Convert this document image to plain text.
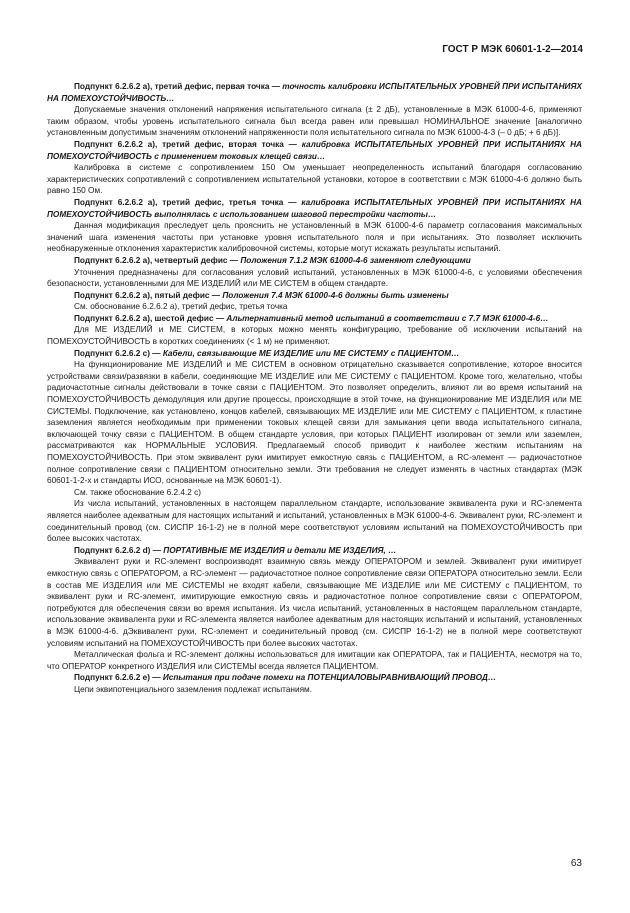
ГОСТ Р МЭК 60601-1-2—2014

Подпункт 6.2.6.2 a), третий дефис, первая точка — точность калибровки ИСПЫТАТЕЛЬНЫХ УРОВНЕЙ ПРИ ИСПЫТАНИЯХ НА ПОМЕХОУСТОЙЧИВОСТЬ…

Допускаемые значения отклонений напряжения испытательного сигнала (± 2 дБ), установленные в МЭК 61000-4-6, применяют таким образом, чтобы уровень испытательного сигнала был всегда равен или превышал НОМИНАЛЬНОЕ значение [аналогично установленным допустимым значениям отклонений напряженности поля испытательного сигнала по МЭК 61000-4-3 (– 0 дБ; + 6 дБ)].

Подпункт 6.2.6.2 a), третий дефис, вторая точка — калибровка ИСПЫТАТЕЛЬНЫХ УРОВНЕЙ ПРИ ИСПЫТАНИЯХ НА ПОМЕХОУСТОЙЧИВОСТЬ с применением токовых клещей связи…

Калибровка в системе с сопротивлением 150 Ом уменьшает неопределенность испытаний благодаря согласованию характеристических сопротивлений с сопротивлением испытательной установки, которое в соответствии с МЭК 61000-4-6 должно быть равно 150 Ом.

Подпункт 6.2.6.2 a), третий дефис, третья точка — калибровка ИСПЫТАТЕЛЬНЫХ УРОВНЕЙ ПРИ ИСПЫТАНИЯХ НА ПОМЕХОУСТОЙЧИВОСТЬ выполнялась с использованием шаговой перестройки частоты…

Данная модификация преследует цель прояснить не установленный в МЭК 61000-4-6 параметр согласования максимальных значений шага изменения частоты при установке уровня испытательного поля и при испытаниях. Это позволяет исключить необнаруженные отклонения характеристик калибровочной системы, которые могут искажать результаты испытаний.

Подпункт 6.2.6.2 a), четвертый дефис — Положения 7.1.2 МЭК 61000-4-6 заменяют следующими

Уточнения предназначены для согласования условий испытаний, установленных в МЭК 61000-4-6, с условиями обеспечения безопасности, установленными для МЕ ИЗДЕЛИЙ или МЕ СИСТЕМ в общем стандарте.

Подпункт 6.2.6.2 a), пятый дефис — Положения 7.4 МЭК 61000-4-6 должны быть изменены

См. обоснование 6.2.6.2 a), третий дефис, третья точка

Подпункт 6.2.6.2 a), шестой дефис — Альтернативный метод испытаний в соответствии с 7.7 МЭК 61000-4-6…

Для МЕ ИЗДЕЛИЙ и МЕ СИСТЕМ, в которых можно менять конфигурацию, требование об исключении испытаний на ПОМЕХОУСТОЙЧИВОСТЬ в коротких соединениях (< 1 м) не применяют.

Подпункт 6.2.6.2 c) — Кабели, связывающие МЕ ИЗДЕЛИЕ или МЕ СИСТЕМУ с ПАЦИЕНТОМ…

На функционирование МЕ ИЗДЕЛИЙ и МЕ СИСТЕМ в основном отрицательно сказывается сопротивление, которое вносится устройствами связи/развязки в кабели, соединяющие МЕ ИЗДЕЛИЕ или МЕ СИСТЕМУ с ПАЦИЕНТОМ. Кроме того, желательно, чтобы радиочастотные сигналы действовали в точке связи с ПАЦИЕНТОМ. Это позволяет определить, влияют ли во время испытаний на ПОМЕХОУСТОЙЧИВОСТЬ демодуляция или другие процессы, происходящие в этой точке, на функционирование МЕ ИЗДЕЛИЯ или МЕ СИСТЕМЫ. Подключение, как установлено, концов кабелей, связывающих МЕ ИЗДЕЛИЕ или МЕ СИСТЕМУ с ПАЦИЕНТОМ, к пластине заземления является необходимым при применении токовых клещей связи для замыкания цепи ввода испытательного сигнала, включающей точку связи с ПАЦИЕНТОМ. В общем стандарте условия, при которых ПАЦИЕНТ изолирован от земли или заземлен, рассматриваются как НОРМАЛЬНЫЕ УСЛОВИЯ. Предлагаемый способ приводит к наиболее жестким испытаниям на ПОМЕХОУСТОЙЧИВОСТЬ. При этом эквивалент руки имитирует емкостную связь с ПАЦИЕНТОМ, а RC-элемент — радиочастотное полное сопротивление связи с ПАЦИЕНТОМ относительно земли. Эти требования не следует изменять в частных стандартах (МЭК 60601-1-2-х и стандарты ИСО, основанные на МЭК 60601-1).

См. также обоснование 6.2.4.2 c)

Из числа испытаний, установленных в настоящем параллельном стандарте, использование эквивалента руки и RC-элемента является наиболее адекватным для настоящих испытаний и испытаний, установленных в МЭК 61000-4-6. Эквивалент руки, RC-элемент и соединительный провод (см. СИСПР 16-1-2) не в полной мере соответствуют условиям испытаний на ПОМЕХОУСТОЙЧИВОСТЬ при более высоких частотах.

Подпункт 6.2.6.2 d) — ПОРТАТИВНЫЕ МЕ ИЗДЕЛИЯ и детали МЕ ИЗДЕЛИЯ, …

Эквивалент руки и RC-элемент воспроизводят взаимную связь между ОПЕРАТОРОМ и землей. Эквивалент руки имитирует емкостную связь с ОПЕРАТОРОМ, а RC-элемент — радиочастотное полное сопротивление связи ОПЕРАТОРА относительно земли. Если в состав МЕ ИЗДЕЛИЯ или МЕ СИСТЕМЫ не входят кабели, связывающие МЕ ИЗДЕЛИЕ или МЕ СИСТЕМУ с ПАЦИЕНТОМ, то эквивалент руки и RC-элемент, имитирующие емкостную связь и радиочастотное полное сопротивление связи с ОПЕРАТОРОМ, потребуются для обеспечения связи во время испытания. Из числа испытаний, установленных в настоящем параллельном стандарте, использование эквивалента руки и RC-элемента является наиболее адекватным для настоящих испытаний и испытаний, установленных в МЭК 61000-4-6. дЭквивалент руки, RC-элемент и соединительный провод (см. СИСПР 16-1-2) не в полной мере соответствуют условиям испытаний на ПОМЕХОУСТОЙЧИВОСТЬ при более высоких частотах.

Металлическая фольга и RC-элемент должны использоваться для имитации как ОПЕРАТОРА, так и ПАЦИЕНТА, несмотря на то, что ОПЕРАТОР конкретного ИЗДЕЛИЯ или СИСТЕМЫ всегда является ПАЦИЕНТОМ.

Подпункт 6.2.6.2 e) — Испытания при подаче помехи на ПОТЕНЦИАЛОВЫРАВНИВАЮЩИЙ ПРОВОД…

Цепи эквипотенциального заземления подлежат испытаниям.

63
